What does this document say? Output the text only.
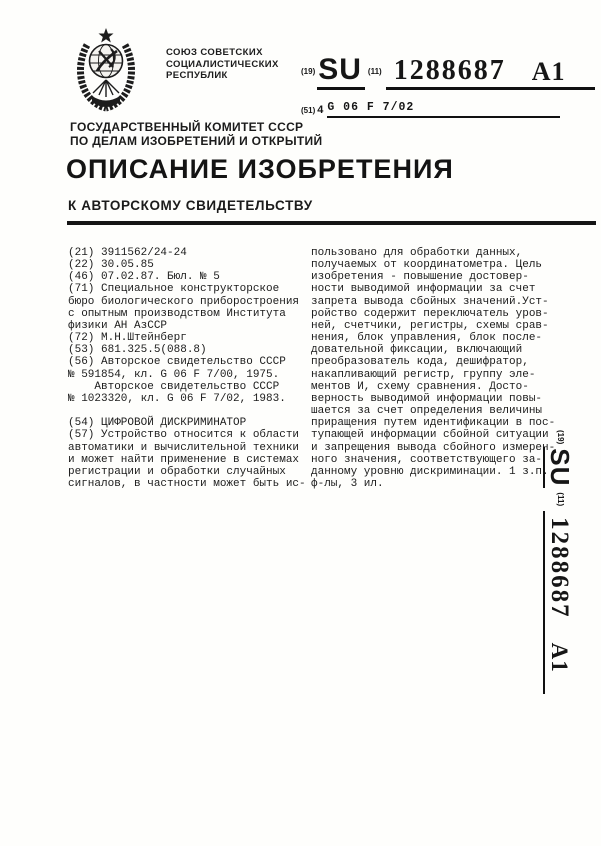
СОЮЗ СОВЕТСКИХ
СОЦИАЛИСТИЧЕСКИХ
РЕСПУБЛИК	(19) SU (11) 1288687 A1
(51) 4 G 06 F 7/02
ГОСУДАРСТВЕННЫЙ КОМИТЕТ СССР
ПО ДЕЛАМ ИЗОБРЕТЕНИЙ И ОТКРЫТИЙ
ОПИСАНИЕ ИЗОБРЕТЕНИЯ
К АВТОРСКОМУ СВИДЕТЕЛЬСТВУ
(21) 3911562/24-24
(22) 30.05.85
(46) 07.02.87. Бюл. № 5
(71) Специальное конструкторское
бюро биологического приборостроения
с опытным производством Института
физики АН АзССР
(72) М.Н.Штейнберг
(53) 681.325.5(088.8)
(56) Авторское свидетельство СССР
№ 591854, кл. G 06 F 7/00, 1975.
Авторское свидетельство СССР
№ 1023320, кл. G 06 F 7/02, 1983.

(54) ЦИФРОВОЙ ДИСКРИМИНАТОР
(57) Устройство относится к области
автоматики и вычислительной техники
и может найти применение в системах
регистрации и обработки случайных
сигналов, в частности может быть ис-
пользовано для обработки данных,
получаемых от координатометра. Цель
изобретения - повышение достовер-
ности выводимой информации за счет
запрета вывода сбойных значений.Уст-
ройство содержит переключатель уров-
ней, счетчики, регистры, схемы срав-
нения, блок управления, блок после-
довательной фиксации, включающий
преобразователь кода, дешифратор,
накапливающий регистр, группу эле-
ментов И, схему сравнения. Досто-
верность выводимой информации повы-
шается за счет определения величины
приращения путем идентификации в пос-
тупающей информации сбойной ситуации
и запрещения вывода сбойного измерен-
ного значения, соответствующего за-
данному уровню дискриминации. 1 з.п.
ф-лы, 3 ил.
(19)
SU
(11)
1288687
A1
